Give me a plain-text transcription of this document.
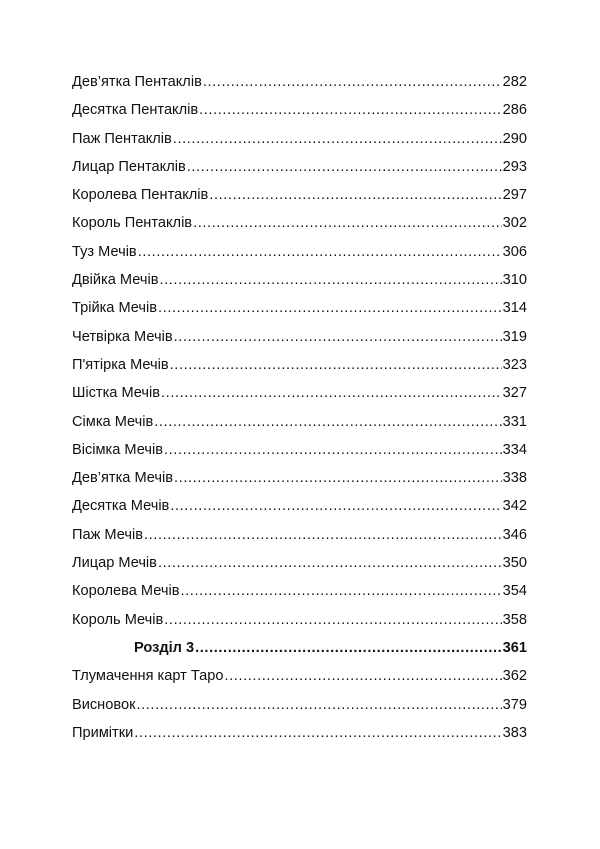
Дев’ятка Пентаклів .....	282
Десятка Пентаклів .....	286
Паж Пентаклів .....	290
Лицар Пентаклів .....	293
Королева Пентаклів .....	297
Король Пентаклів .....	302
Туз Мечів .....	306
Двійка Мечів .....	310
Трійка Мечів .....	314
Четвірка Мечів .....	319
П'ятірка Мечів .....	323
Шістка Мечів .....	327
Сімка Мечів .....	331
Вісімка Мечів .....	334
Дев’ятка Мечів .....	338
Десятка Мечів .....	342
Паж Мечів .....	346
Лицар Мечів .....	350
Королева Мечів .....	354
Король Мечів .....	358
Розділ 3 .....	361
Тлумачення карт Таро .....	362
Висновок .....	379
Примітки .....	383
